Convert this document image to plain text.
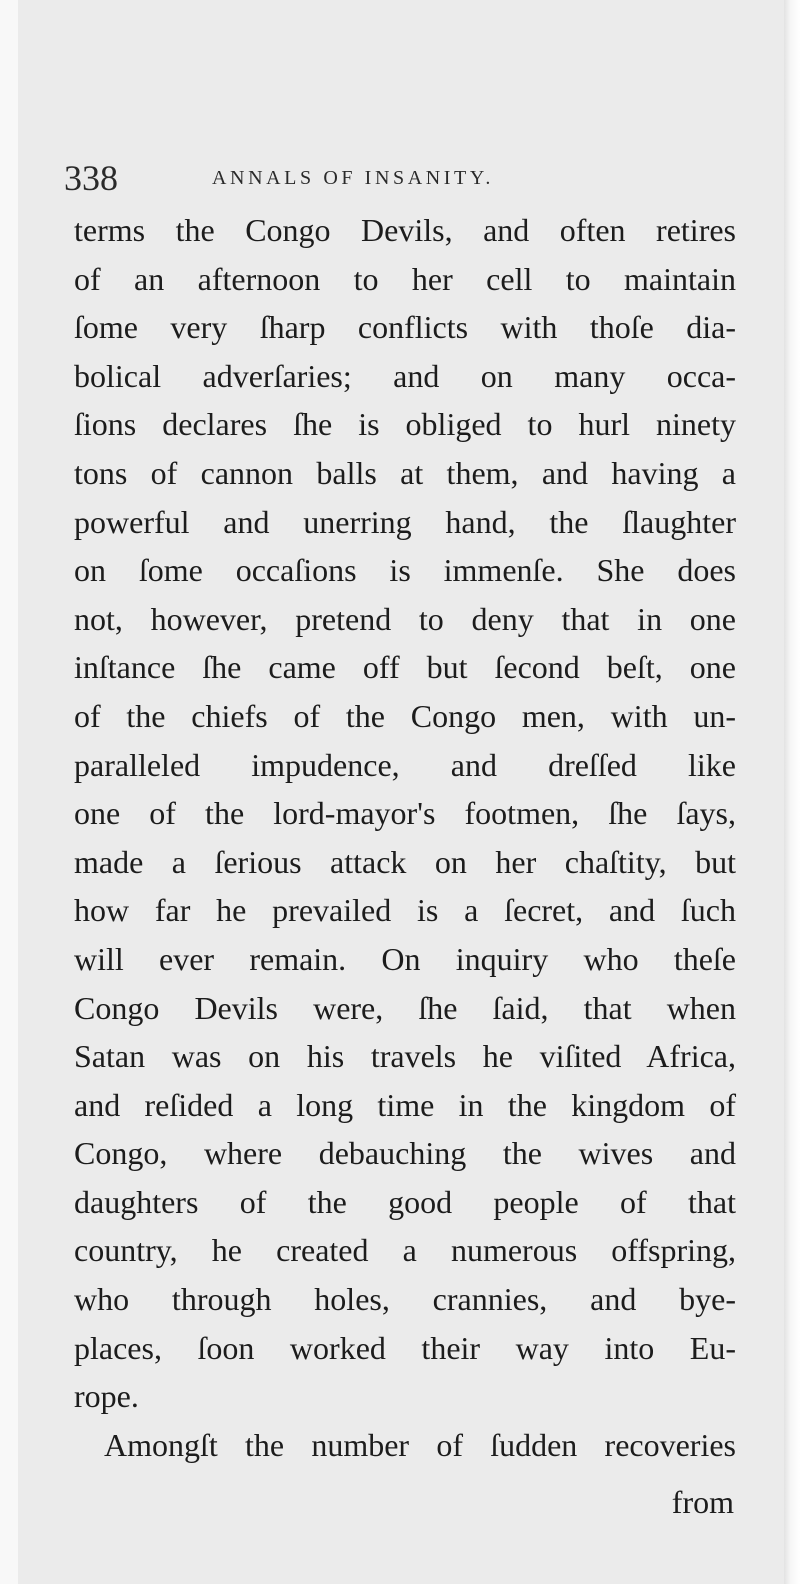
338	ANNALS OF INSANITY.
terms the Congo Devils, and often retires
of an afternoon to her cell to maintain
ſome very ſharp conflicts with thoſe dia-
bolical adverſaries; and on many occa-
ſions declares ſhe is obliged to hurl ninety
tons of cannon balls at them, and having a
powerful and unerring hand, the ſlaughter
on ſome occaſions is immenſe. She does
not, however, pretend to deny that in one
inſtance ſhe came off but ſecond beſt, one
of the chiefs of the Congo men, with un-
paralleled impudence, and dreſſed like
one of the lord-mayor's footmen, ſhe ſays,
made a ſerious attack on her chaſtity, but
how far he prevailed is a ſecret, and ſuch
will ever remain. On inquiry who theſe
Congo Devils were, ſhe ſaid, that when
Satan was on his travels he viſited Africa,
and reſided a long time in the kingdom of
Congo, where debauching the wives and
daughters of the good people of that
country, he created a numerous offspring,
who through holes, crannies, and bye-
places, ſoon worked their way into Eu-
rope.
Amongſt the number of ſudden recoveries
from
